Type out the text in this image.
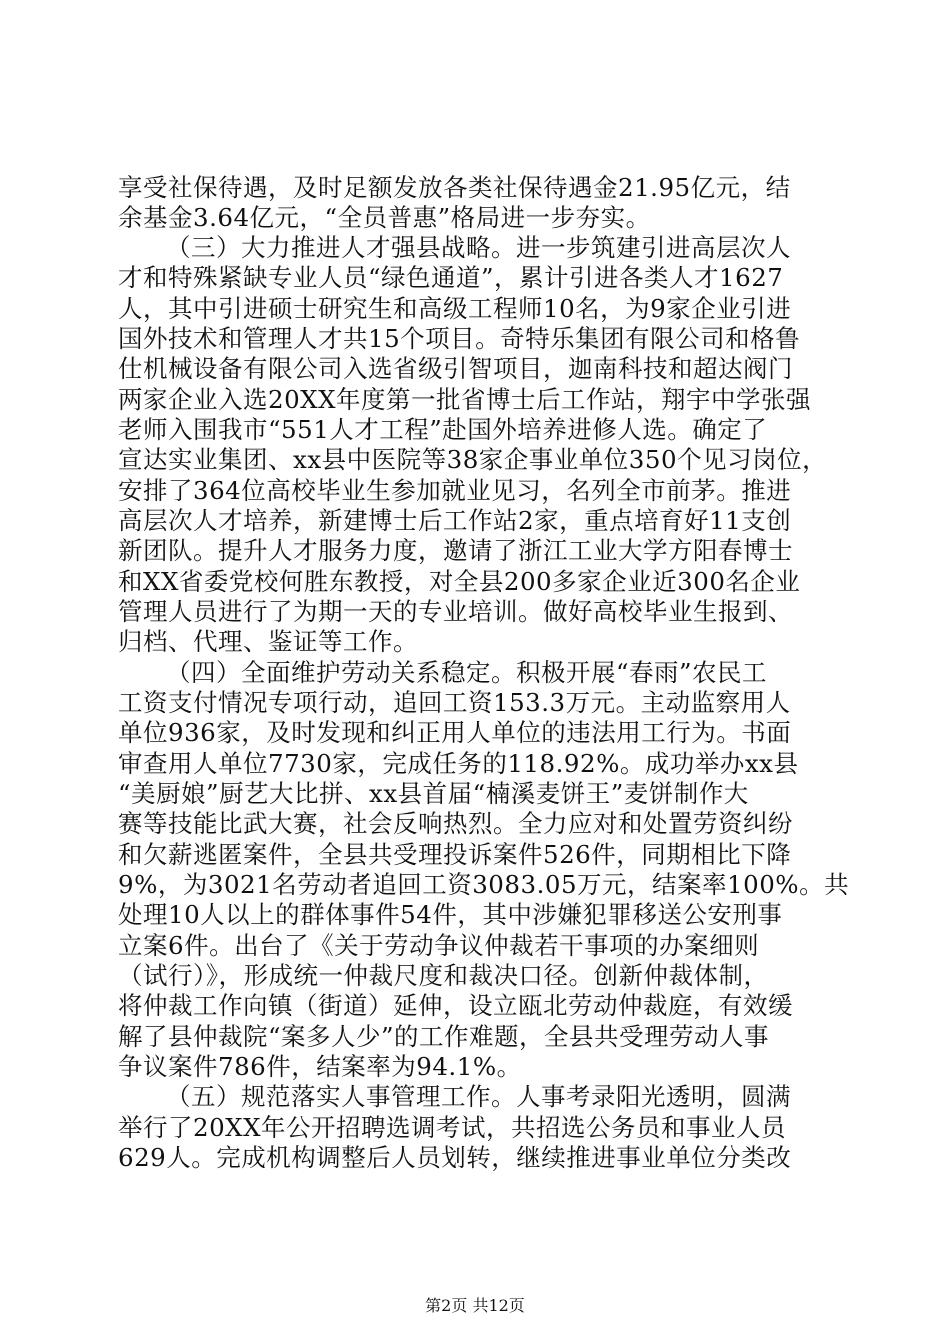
享受社保待遇，及时足额发放各类社保待遇金21.95亿元，结
余基金3.64亿元，“全员普惠”格局进一步夯实。
（三）大力推进人才强县战略。进一步筑建引进高层次人
才和特殊紧缺专业人员“绿色通道”，累计引进各类人才1627
人，其中引进硕士研究生和高级工程师10名，为9家企业引进
国外技术和管理人才共15个项目。奇特乐集团有限公司和格鲁
仕机械设备有限公司入选省级引智项目，迦南科技和超达阀门
两家企业入选20XX年度第一批省博士后工作站，翔宇中学张强
老师入围我市“551人才工程”赴国外培养进修人选。确定了
宣达实业集团、xx县中医院等38家企事业单位350个见习岗位，
安排了364位高校毕业生参加就业见习，名列全市前茅。推进
高层次人才培养，新建博士后工作站2家，重点培育好11支创
新团队。提升人才服务力度，邀请了浙江工业大学方阳春博士
和XX省委党校何胜东教授，对全县200多家企业近300名企业
管理人员进行了为期一天的专业培训。做好高校毕业生报到、
归档、代理、鉴证等工作。
（四）全面维护劳动关系稳定。积极开展“春雨”农民工
工资支付情况专项行动，追回工资153.3万元。主动监察用人
单位936家，及时发现和纠正用人单位的违法用工行为。书面
审查用人单位7730家，完成任务的118.92%。成功举办xx县
“美厨娘”厨艺大比拼、xx县首届“楠溪麦饼王”麦饼制作大
赛等技能比武大赛，社会反响热烈。全力应对和处置劳资纠纷
和欠薪逃匿案件，全县共受理投诉案件526件，同期相比下降
9%，为3021名劳动者追回工资3083.05万元，结案率100%。共
处理10人以上的群体事件54件，其中涉嫌犯罪移送公安刑事
立案6件。出台了《关于劳动争议仲裁若干事项的办案细则
（试行）》，形成统一仲裁尺度和裁决口径。创新仲裁体制，
将仲裁工作向镇（街道）延伸，设立瓯北劳动仲裁庭，有效缓
解了县仲裁院“案多人少”的工作难题，全县共受理劳动人事
争议案件786件，结案率为94.1%。
（五）规范落实人事管理工作。人事考录阳光透明，圆满
举行了20XX年公开招聘选调考试，共招选公务员和事业人员
629人。完成机构调整后人员划转，继续推进事业单位分类改
第2页 共12页
